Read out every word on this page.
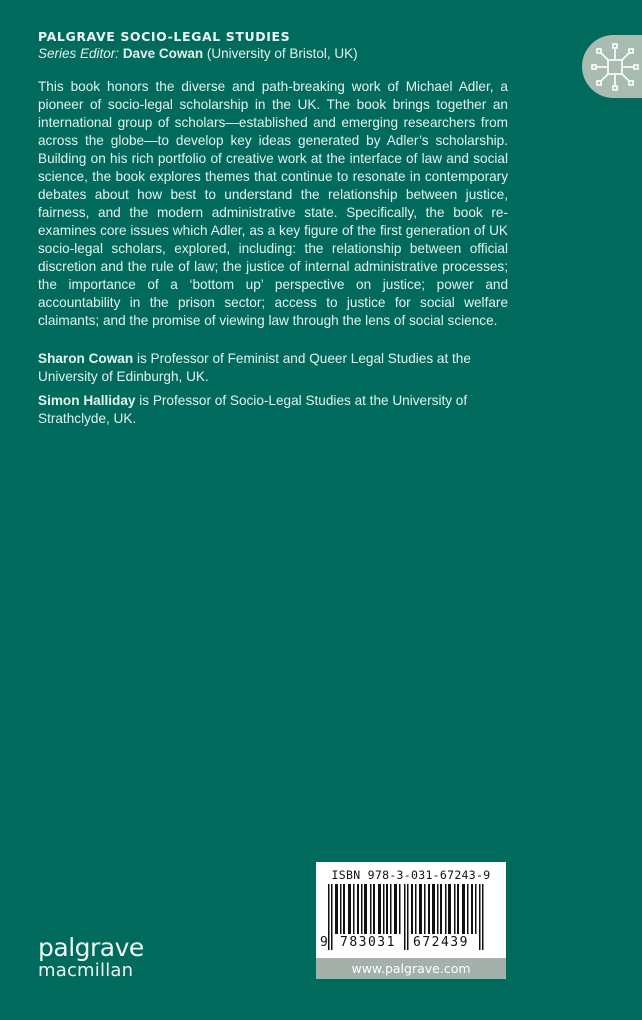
PALGRAVE SOCIO-LEGAL STUDIES
Series Editor: Dave Cowan (University of Bristol, UK)
This book honors the diverse and path-breaking work of Michael Adler, a pioneer of socio-legal scholarship in the UK. The book brings together an international group of scholars—established and emerging researchers from across the globe—to develop key ideas generated by Adler’s scholarship. Building on his rich portfolio of creative work at the interface of law and social science, the book explores themes that continue to resonate in contemporary debates about how best to understand the relationship between justice, fairness, and the modern administrative state. Specifically, the book re-examines core issues which Adler, as a key figure of the first generation of UK socio-legal scholars, explored, including: the relationship between official discretion and the rule of law; the justice of internal administrative processes; the importance of a ‘bottom up’ perspective on justice; power and accountability in the prison sector; access to justice for social welfare claimants; and the promise of viewing law through the lens of social science.
Sharon Cowan is Professor of Feminist and Queer Legal Studies at the University of Edinburgh, UK.
Simon Halliday is Professor of Socio-Legal Studies at the University of Strathclyde, UK.
ISBN 978-3-031-67243-9
9 783031 672439
www.palgrave.com
palgrave
macmillan
